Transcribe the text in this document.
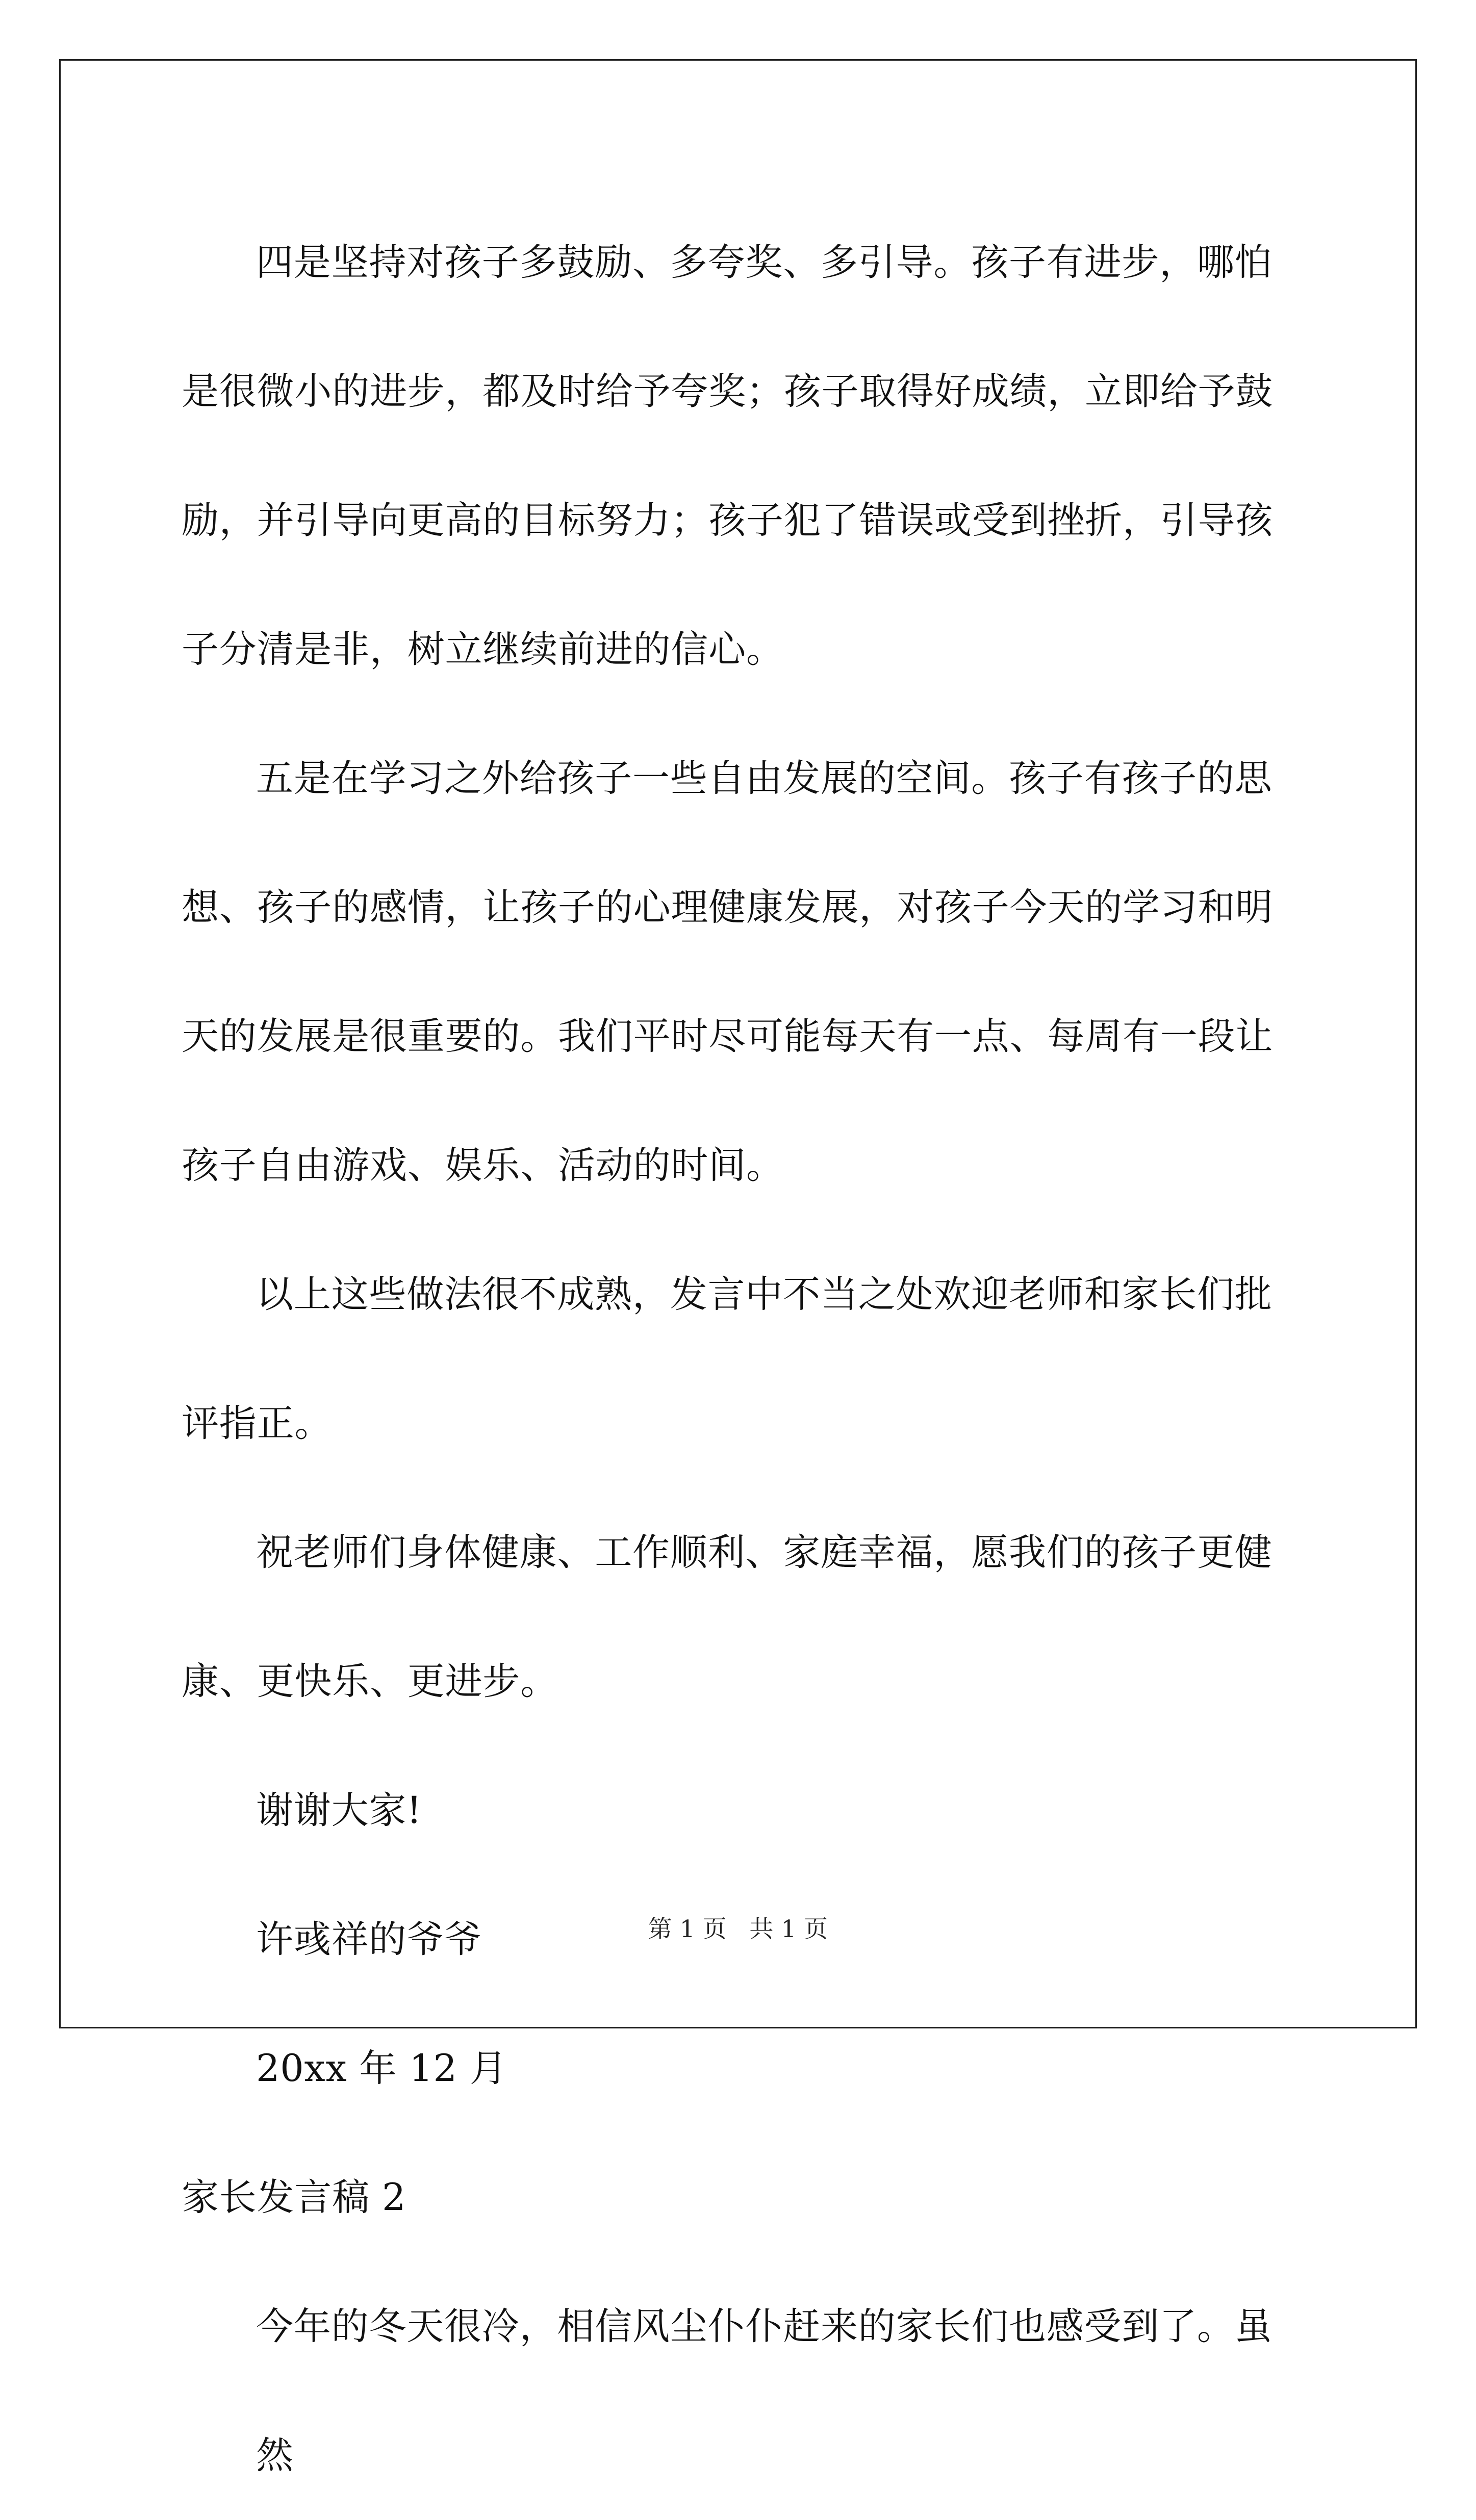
四是坚持对孩子多鼓励、多夸奖、多引导。孩子有进步，哪怕是很微小的进步，都及时给予夸奖；孩子取得好成绩，立即给予鼓励，并引导向更高的目标努力；孩子犯了错误或受到挫折，引导孩子分清是非，树立继续前进的信心。

五是在学习之外给孩子一些自由发展的空间。孩子有孩子的思想、孩子的感情，让孩子的心理健康发展，对孩子今天的学习和明天的发展是很重要的。我们平时尽可能每天有一点、每周有一段让孩子自由游戏、娱乐、活动的时间。

以上这些做法很不成熟，发言中不当之处欢迎老师和家长们批评指正。

祝老师们身体健康、工作顺利、家庭幸福，愿我们的孩子更健康、更快乐、更进步。

谢谢大家!

许彧祥的爷爷

20xx 年 12 月

家长发言稿 2

今年的冬天很冷，相信风尘仆仆赶来的家长们也感受到了。虽然

第 1 页   共 1 页
